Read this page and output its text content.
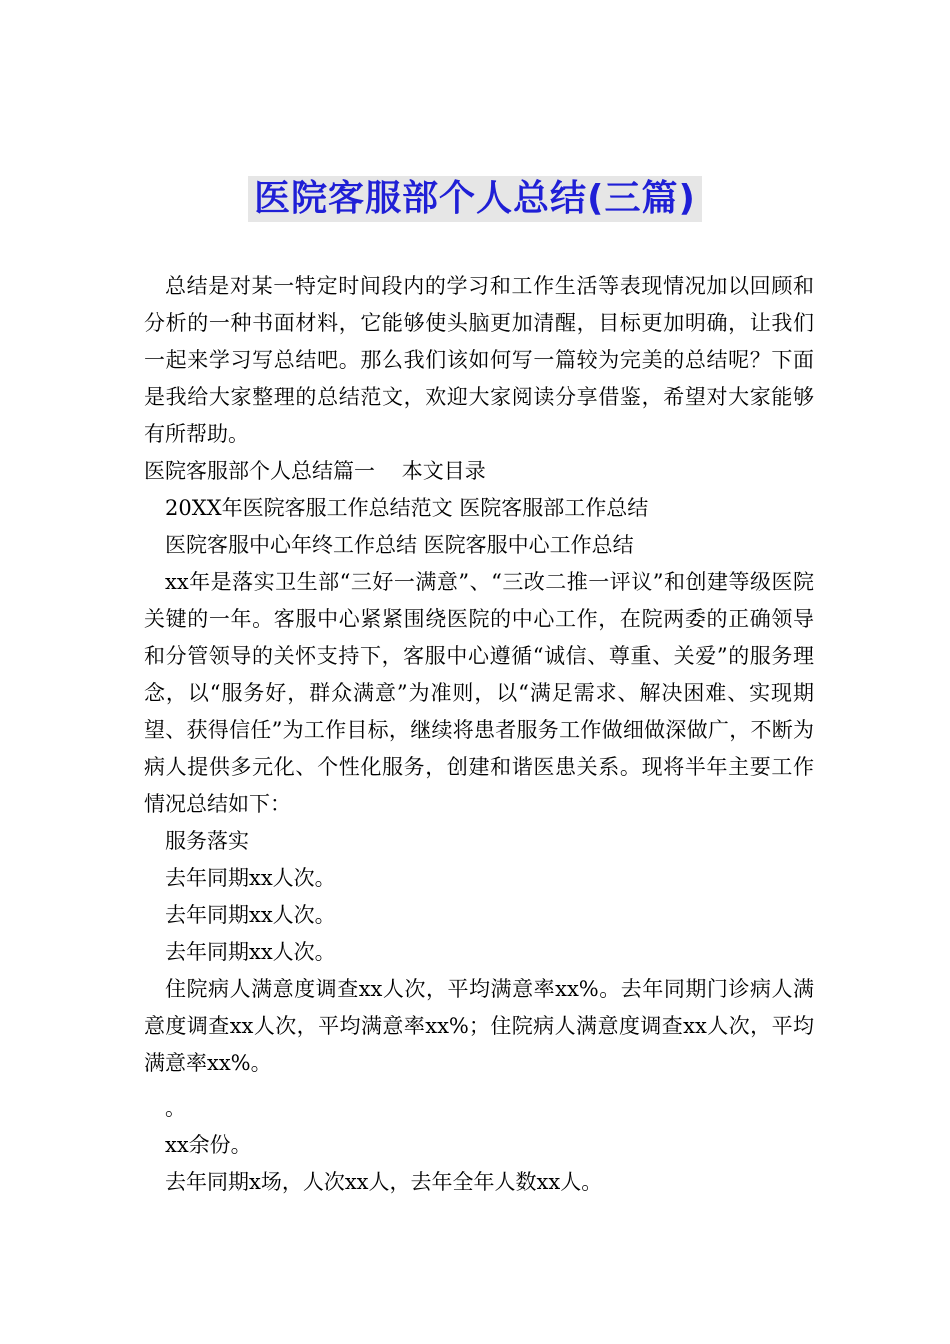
医院客服部个人总结(三篇)

总结是对某一特定时间段内的学习和工作生活等表现情况加以回顾和分析的一种书面材料，它能够使头脑更加清醒，目标更加明确，让我们一起来学习写总结吧。那么我们该如何写一篇较为完美的总结呢？下面是我给大家整理的总结范文，欢迎大家阅读分享借鉴，希望对大家能够有所帮助。

医院客服部个人总结篇一    本文目录

20XX年医院客服工作总结范文 医院客服部工作总结

医院客服中心年终工作总结 医院客服中心工作总结

xx年是落实卫生部“三好一满意”、“三改二推一评议”和创建等级医院关键的一年。客服中心紧紧围绕医院的中心工作，在院两委的正确领导和分管领导的关怀支持下，客服中心遵循“诚信、尊重、关爱”的服务理念，以“服务好，群众满意”为准则，以“满足需求、解决困难、实现期望、获得信任”为工作目标，继续将患者服务工作做细做深做广，不断为病人提供多元化、个性化服务，创建和谐医患关系。现将半年主要工作情况总结如下：

服务落实

去年同期xx人次。

去年同期xx人次。

去年同期xx人次。

住院病人满意度调查xx人次，平均满意率xx%。去年同期门诊病人满意度调查xx人次，平均满意率xx%；住院病人满意度调查xx人次，平均满意率xx%。

。

xx余份。

去年同期x场，人次xx人，去年全年人数xx人。
